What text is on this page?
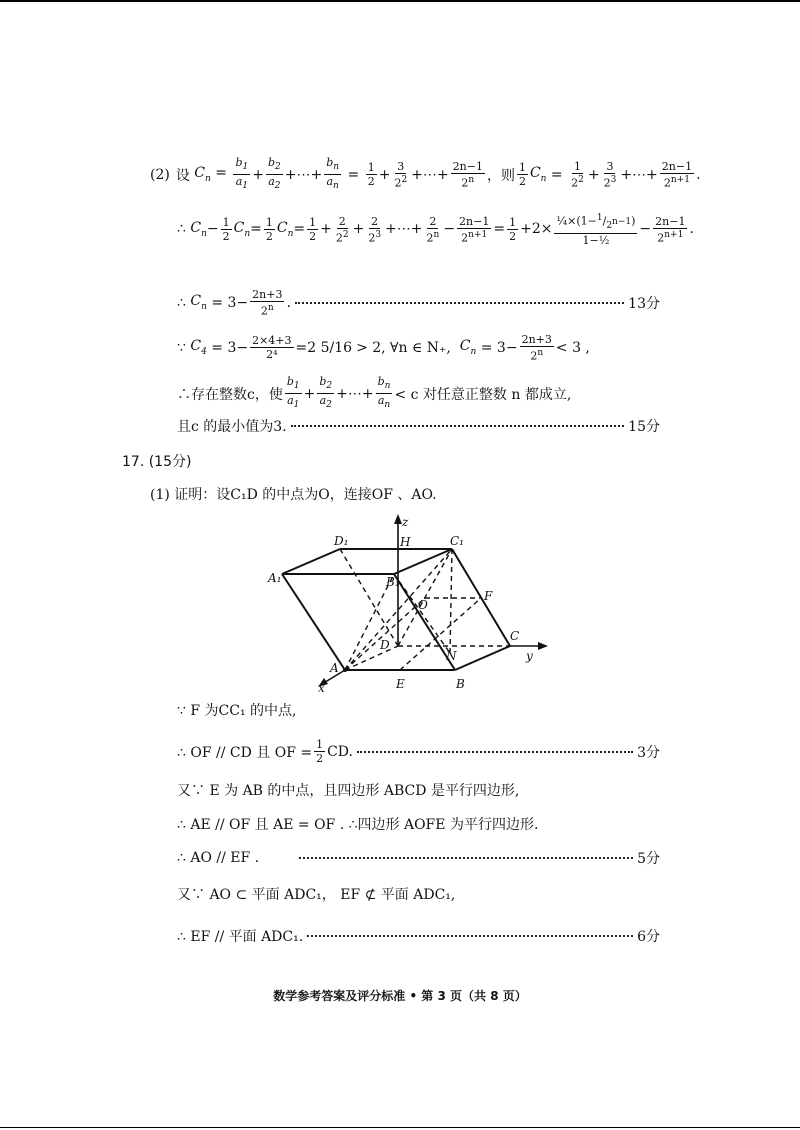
(2) 设 $C_n = \frac{b_1}{a_1} + \frac{b_2}{a_2}$ +⋯+ $\frac{b_n}{a_n} = \frac{1}{2} + \frac{3}{2^2}$ +⋯+ $\frac{2n-1}{2^n}$ ，则 $\frac{1}{2} C_n = \frac{1}{2^2} + \frac{3}{2^3}$ +⋯+ $\frac{2n-1}{2^{n+1}}$ .
∴ $C_n - \frac{1}{2} C_n = \frac{1}{2} C_n = \frac{1}{2} + \frac{2}{2^2} + \frac{2}{2^3}$ +⋯+ $\frac{2}{2^n} - \frac{2n-1}{2^{n+1}} = \frac{1}{2} +2\times \frac{\frac{1}{4}\times(1-^1/_{2^{n-1}})}{\text{1−½}} - \frac{2n-1}{2^{n+1}}$ .
∴ $C_n = 3- \frac{2n+3}{2^n}$ .	13分
∵ $C_4 = 3- \frac{2\times 4+3}{\text{2⁴}} = 2$ 5/16 > 2, ∀n ∈ N₊,
$C_n = 3- \frac{2n+3}{2^n} < 3$ ,
∴存在整数c，使 $\frac{b_1}{a_1} + \frac{b_2}{a_2}$ +⋯+ $\frac{b_n}{a_n} < c$ 对任意正整数 n 都成立,
且c 的最小值为3.	15分
17. (15分)
(1) 证明：设C₁D 的中点为O，连接OF 、AO.
z
H	C₁
D₁
A₁	B₁
O
F
D
C
N	y
A
x	E	B
∵ F 为CC₁ 的中点,
∴ OF // CD 且 OF = $\frac{1}{2}$ CD.	3分
又∵ E 为 AB 的中点，且四边形 ABCD 是平行四边形,
∴ AE // OF 且 AE = OF . ∴四边形 AOFE 为平行四边形.
∴ AO // EF .	5分
又∵ AO ⊂ 平面 ADC₁， EF ⊄ 平面 ADC₁,
∴ EF // 平面 ADC₁.	6分
数学参考答案及评分标准 • 第 3 页（共 8 页）
